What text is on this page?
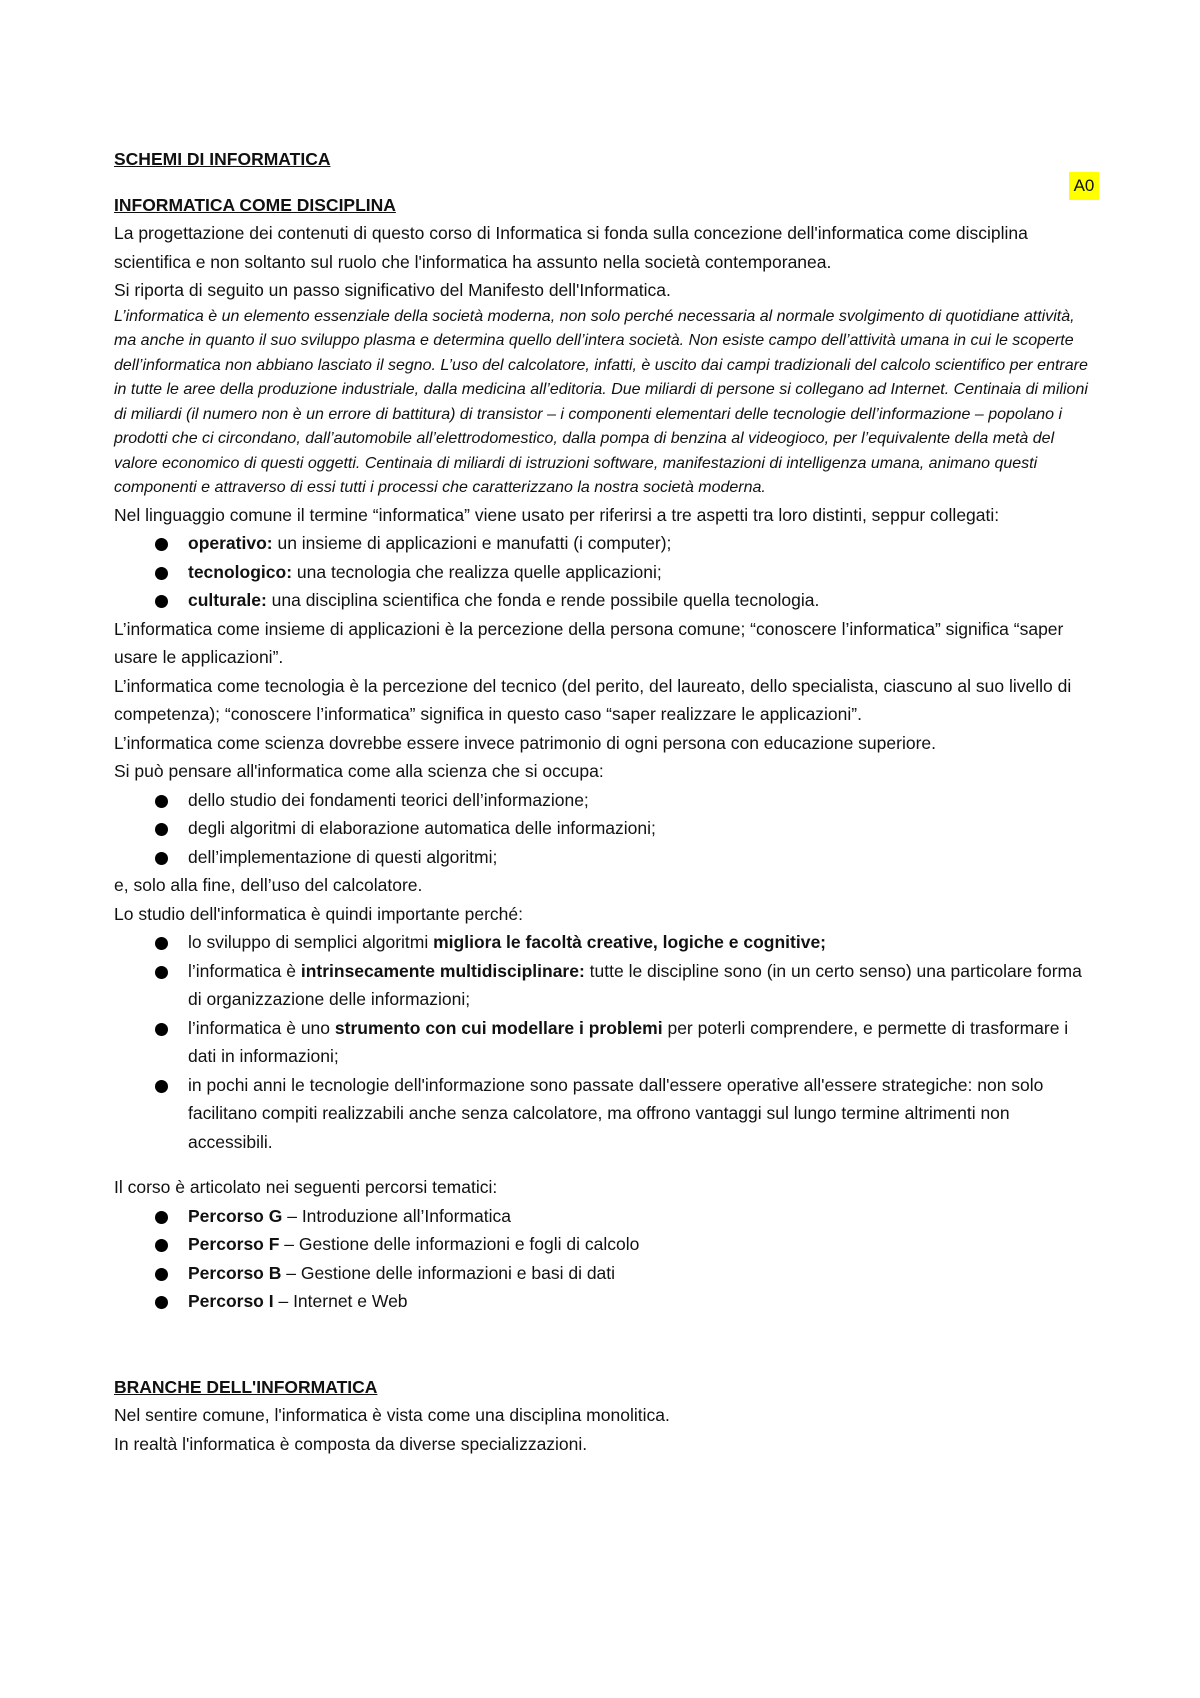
A0
SCHEMI DI INFORMATICA
INFORMATICA COME DISCIPLINA

La progettazione dei contenuti di questo corso di Informatica si fonda sulla concezione dell'informatica come disciplina scientifica e non soltanto sul ruolo che l'informatica ha assunto nella società contemporanea.

Si riporta di seguito un passo significativo del Manifesto dell'Informatica.

L’informatica è un elemento essenziale della società moderna, non solo perché necessaria al normale svolgimento di quotidiane attività, ma anche in quanto il suo sviluppo plasma e determina quello dell’intera società. Non esiste campo dell’attività umana in cui le scoperte dell’informatica non abbiano lasciato il segno. L’uso del calcolatore, infatti, è uscito dai campi tradizionali del calcolo scientifico per entrare in tutte le aree della produzione industriale, dalla medicina all’editoria. Due miliardi di persone si collegano ad Internet. Centinaia di milioni di miliardi (il numero non è un errore di battitura) di transistor – i componenti elementari delle tecnologie dell’informazione – popolano i prodotti che ci circondano, dall’automobile all’elettrodomestico, dalla pompa di benzina al videogioco, per l’equivalente della metà del valore economico di questi oggetti. Centinaia di miliardi di istruzioni software, manifestazioni di intelligenza umana, animano questi componenti e attraverso di essi tutti i processi che caratterizzano la nostra società moderna.

Nel linguaggio comune il termine “informatica” viene usato per riferirsi a tre aspetti tra loro distinti, seppur collegati:

operativo: un insieme di applicazioni e manufatti (i computer);
tecnologico: una tecnologia che realizza quelle applicazioni;
culturale: una disciplina scientifica che fonda e rende possibile quella tecnologia.

L’informatica come insieme di applicazioni è la percezione della persona comune; “conoscere l’informatica” significa “saper usare le applicazioni”.

L’informatica come tecnologia è la percezione del tecnico (del perito, del laureato, dello specialista, ciascuno al suo livello di competenza); “conoscere l’informatica” significa in questo caso “saper realizzare le applicazioni”.

L’informatica come scienza dovrebbe essere invece patrimonio di ogni persona con educazione superiore.

Si può pensare all'informatica come alla scienza che si occupa:

dello studio dei fondamenti teorici dell’informazione;
degli algoritmi di elaborazione automatica delle informazioni;
dell’implementazione di questi algoritmi;

e, solo alla fine, dell’uso del calcolatore.

Lo studio dell'informatica è quindi importante perché:

lo sviluppo di semplici algoritmi migliora le facoltà creative, logiche e cognitive;
l’informatica è intrinsecamente multidisciplinare: tutte le discipline sono (in un certo senso) una particolare forma di organizzazione delle informazioni;
l’informatica è uno strumento con cui modellare i problemi per poterli comprendere, e permette di trasformare i dati in informazioni;
in pochi anni le tecnologie dell'informazione sono passate dall'essere operative all'essere strategiche: non solo facilitano compiti realizzabili anche senza calcolatore, ma offrono vantaggi sul lungo termine altrimenti non accessibili.

Il corso è articolato nei seguenti percorsi tematici:

Percorso G – Introduzione all’Informatica
Percorso F – Gestione delle informazioni e fogli di calcolo
Percorso B – Gestione delle informazioni e basi di dati
Percorso I – Internet e Web
BRANCHE DELL'INFORMATICA

Nel sentire comune, l'informatica è vista come una disciplina monolitica.

In realtà l'informatica è composta da diverse specializzazioni.
